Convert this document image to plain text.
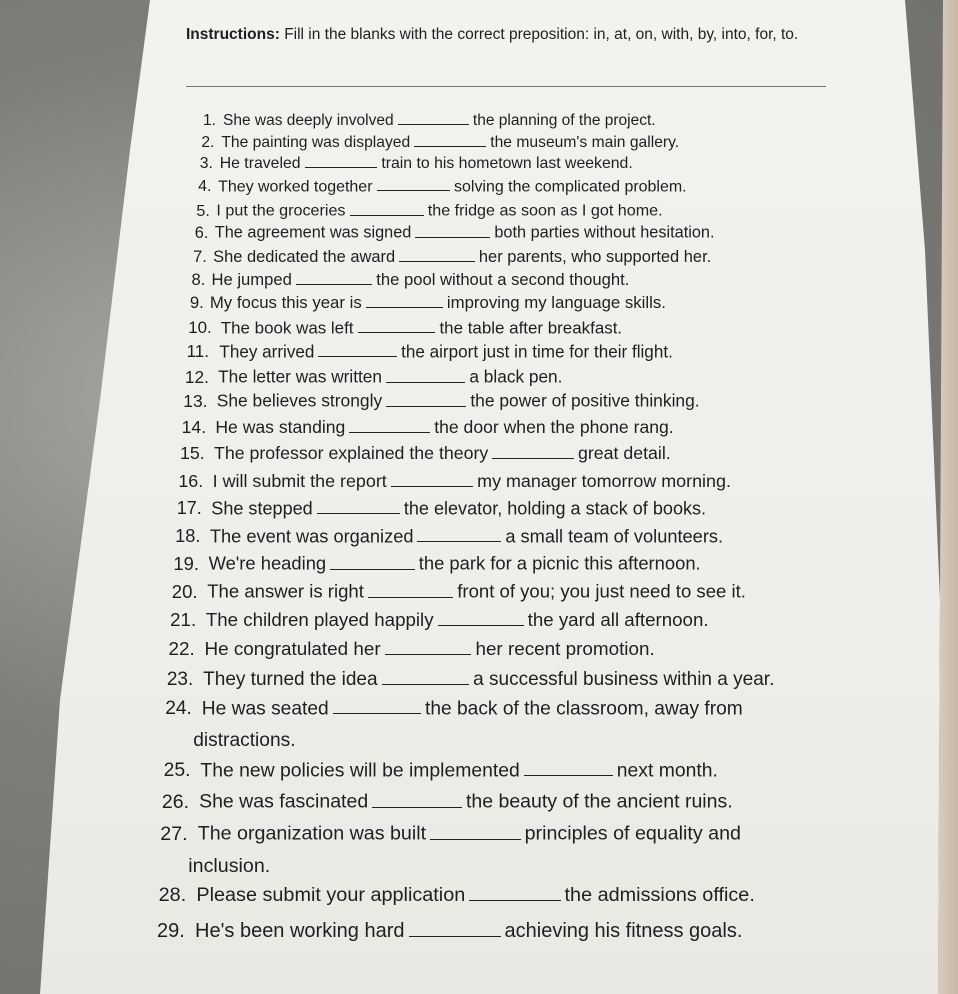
Instructions: Fill in the blanks with the correct preposition: in, at, on, with, by, into, for, to.
1. She was deeply involved	the planning of the project.
2. The painting was displayed	the museum's main gallery.
3. He traveled	train to his hometown last weekend.
4. They worked together	solving the complicated problem.
5. I put the groceries	the fridge as soon as I got home.
6. The agreement was signed	both parties without hesitation.
7. She dedicated the award	her parents, who supported her.
8. He jumped	the pool without a second thought.
9. My focus this year is	improving my language skills.
10. The book was left	the table after breakfast.
11. They arrived	the airport just in time for their flight.
12. The letter was written	a black pen.
13. She believes strongly	the power of positive thinking.
14. He was standing	the door when the phone rang.
15. The professor explained the theory	great detail.
16. I will submit the report	my manager tomorrow morning.
17. She stepped	the elevator, holding a stack of books.
18. The event was organized	a small team of volunteers.
19. We're heading	the park for a picnic this afternoon.
20. The answer is right	front of you; you just need to see it.
21. The children played happily	the yard all afternoon.
22. He congratulated her	her recent promotion.
23. They turned the idea	a successful business within a year.
24. He was seated	the back of the classroom, away from
distractions.
25. The new policies will be implemented	next month.
26. She was fascinated	the beauty of the ancient ruins.
27. The organization was built	principles of equality and
inclusion.
28. Please submit your application	the admissions office.
29. He's been working hard	achieving his fitness goals.
